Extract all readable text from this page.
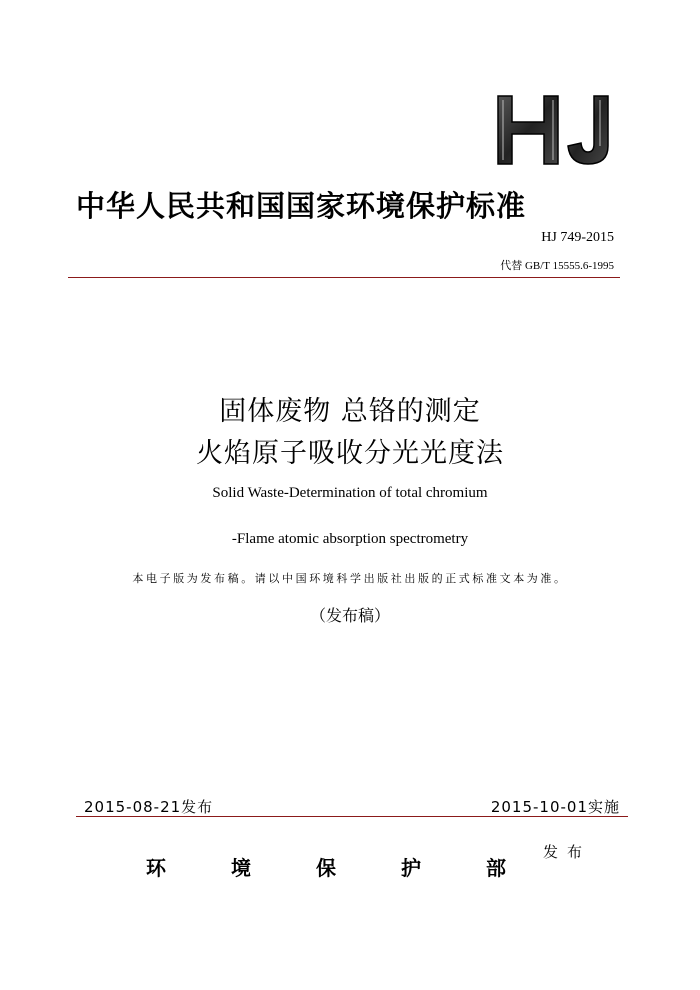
中华人民共和国国家环境保护标准
HJ 749-2015
代替 GB/T 15555.6-1995
固体废物 总铬的测定
火焰原子吸收分光光度法
Solid Waste-Determination of total chromium
-Flame atomic absorption spectrometry
本电子版为发布稿。请以中国环境科学出版社出版的正式标准文本为准。
（发布稿）
2015-08-21发布	2015-10-01实施
环	境	保	护	部
发布
